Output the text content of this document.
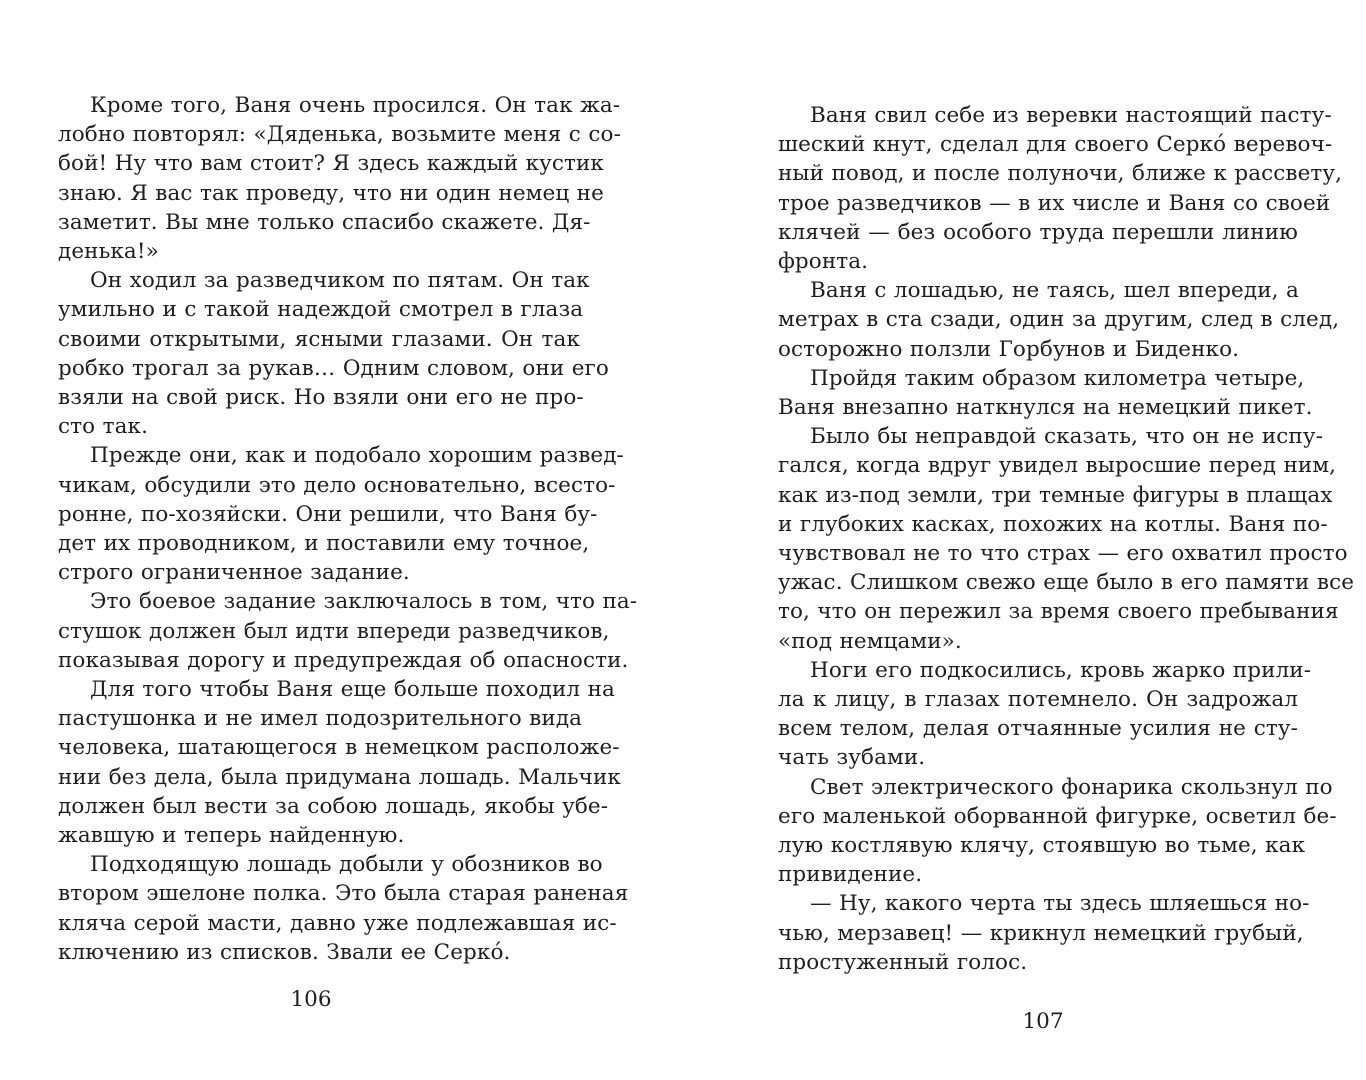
Кроме того, Ваня очень просился. Он так жа-
лобно повторял: «Дяденька, возьмите меня с со-
бой! Ну что вам стоит? Я здесь каждый кустик
знаю. Я вас так проведу, что ни один немец не
заметит. Вы мне только спасибо скажете. Дя-
денька!»
Он ходил за разведчиком по пятам. Он так
умильно и с такой надеждой смотрел в глаза
своими открытыми, ясными глазами. Он так
робко трогал за рукав… Одним словом, они его
взяли на свой риск. Но взяли они его не про-
сто так.
Прежде они, как и подобало хорошим развед-
чикам, обсудили это дело основательно, всесто-
ронне, по-хозяйски. Они решили, что Ваня бу-
дет их проводником, и поставили ему точное,
строго ограниченное задание.
Это боевое задание заключалось в том, что па-
стушок должен был идти впереди разведчиков,
показывая дорогу и предупреждая об опасности.
Для того чтобы Ваня еще больше походил на
пастушонка и не имел подозрительного вида
человека, шатающегося в немецком расположе-
нии без дела, была придумана лошадь. Мальчик
должен был вести за собою лошадь, якобы убе-
жавшую и теперь найденную.
Подходящую лошадь добыли у обозников во
втором эшелоне полка. Это была старая раненая
кляча серой масти, давно уже подлежавшая ис-
ключению из списков. Звали ее Серко́.
106
Ваня свил себе из веревки настоящий пасту-
шеский кнут, сделал для своего Серко́ веревоч-
ный повод, и после полуночи, ближе к рассвету,
трое разведчиков — в их числе и Ваня со своей
клячей — без особого труда перешли линию
фронта.
Ваня с лошадью, не таясь, шел впереди, а
метрах в ста сзади, один за другим, след в след,
осторожно ползли Горбунов и Биденко.
Пройдя таким образом километра четыре,
Ваня внезапно наткнулся на немецкий пикет.
Было бы неправдой сказать, что он не испу-
гался, когда вдруг увидел выросшие перед ним,
как из-под земли, три темные фигуры в плащах
и глубоких касках, похожих на котлы. Ваня по-
чувствовал не то что страх — его охватил просто
ужас. Слишком свежо еще было в его памяти все
то, что он пережил за время своего пребывания
«под немцами».
Ноги его подкосились, кровь жарко прили-
ла к лицу, в глазах потемнело. Он задрожал
всем телом, делая отчаянные усилия не сту-
чать зубами.
Свет электрического фонарика скользнул по
его маленькой оборванной фигурке, осветил бе-
лую костлявую клячу, стоявшую во тьме, как
привидение.
— Ну, какого черта ты здесь шляешься но-
чью, мерзавец! — крикнул немецкий грубый,
простуженный голос.
107
